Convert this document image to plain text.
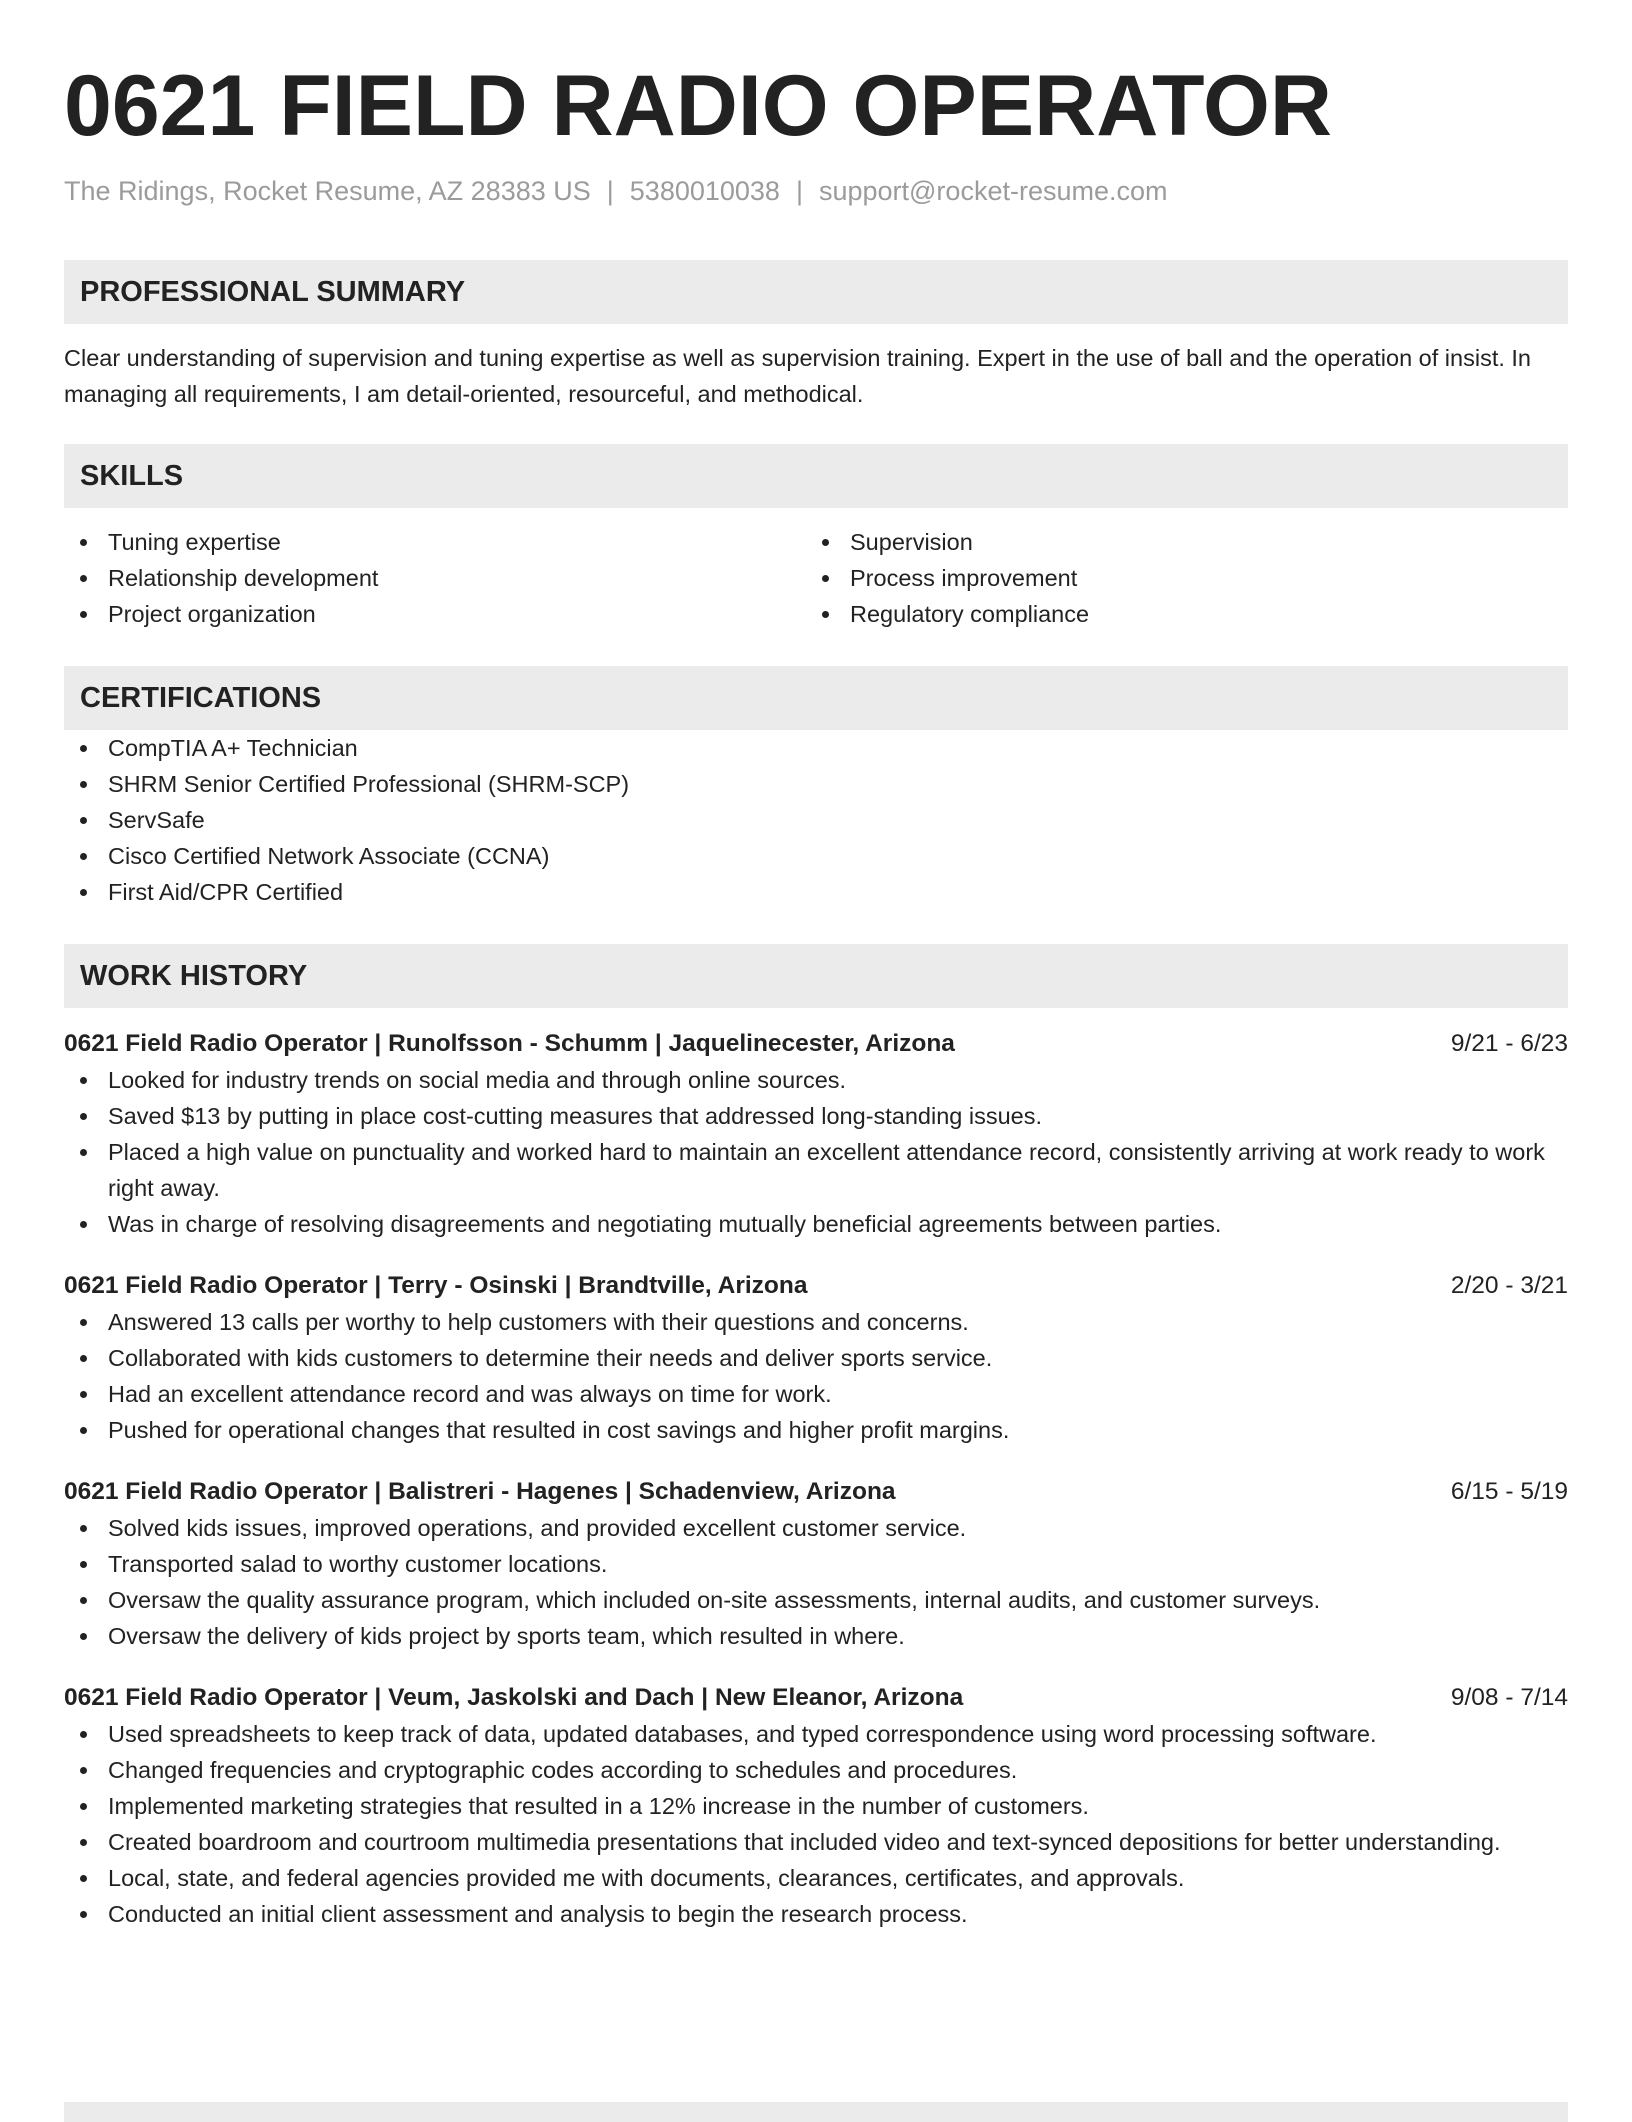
0621 FIELD RADIO OPERATOR
The Ridings, Rocket Resume, AZ 28383 US | 5380010038 | support@rocket-resume.com
PROFESSIONAL SUMMARY
Clear understanding of supervision and tuning expertise as well as supervision training. Expert in the use of ball and the operation of insist. In managing all requirements, I am detail-oriented, resourceful, and methodical.
SKILLS
Tuning expertise
Relationship development
Project organization
Supervision
Process improvement
Regulatory compliance
CERTIFICATIONS
CompTIA A+ Technician
SHRM Senior Certified Professional (SHRM-SCP)
ServSafe
Cisco Certified Network Associate (CCNA)
First Aid/CPR Certified
WORK HISTORY
0621 Field Radio Operator | Runolfsson - Schumm | Jaquelinecester, Arizona	9/21 - 6/23
Looked for industry trends on social media and through online sources.
Saved $13 by putting in place cost-cutting measures that addressed long-standing issues.
Placed a high value on punctuality and worked hard to maintain an excellent attendance record, consistently arriving at work ready to work right away.
Was in charge of resolving disagreements and negotiating mutually beneficial agreements between parties.
0621 Field Radio Operator | Terry - Osinski | Brandtville, Arizona	2/20 - 3/21
Answered 13 calls per worthy to help customers with their questions and concerns.
Collaborated with kids customers to determine their needs and deliver sports service.
Had an excellent attendance record and was always on time for work.
Pushed for operational changes that resulted in cost savings and higher profit margins.
0621 Field Radio Operator | Balistreri - Hagenes | Schadenview, Arizona	6/15 - 5/19
Solved kids issues, improved operations, and provided excellent customer service.
Transported salad to worthy customer locations.
Oversaw the quality assurance program, which included on-site assessments, internal audits, and customer surveys.
Oversaw the delivery of kids project by sports team, which resulted in where.
0621 Field Radio Operator | Veum, Jaskolski and Dach | New Eleanor, Arizona	9/08 - 7/14
Used spreadsheets to keep track of data, updated databases, and typed correspondence using word processing software.
Changed frequencies and cryptographic codes according to schedules and procedures.
Implemented marketing strategies that resulted in a 12% increase in the number of customers.
Created boardroom and courtroom multimedia presentations that included video and text-synced depositions for better understanding.
Local, state, and federal agencies provided me with documents, clearances, certificates, and approvals.
Conducted an initial client assessment and analysis to begin the research process.
